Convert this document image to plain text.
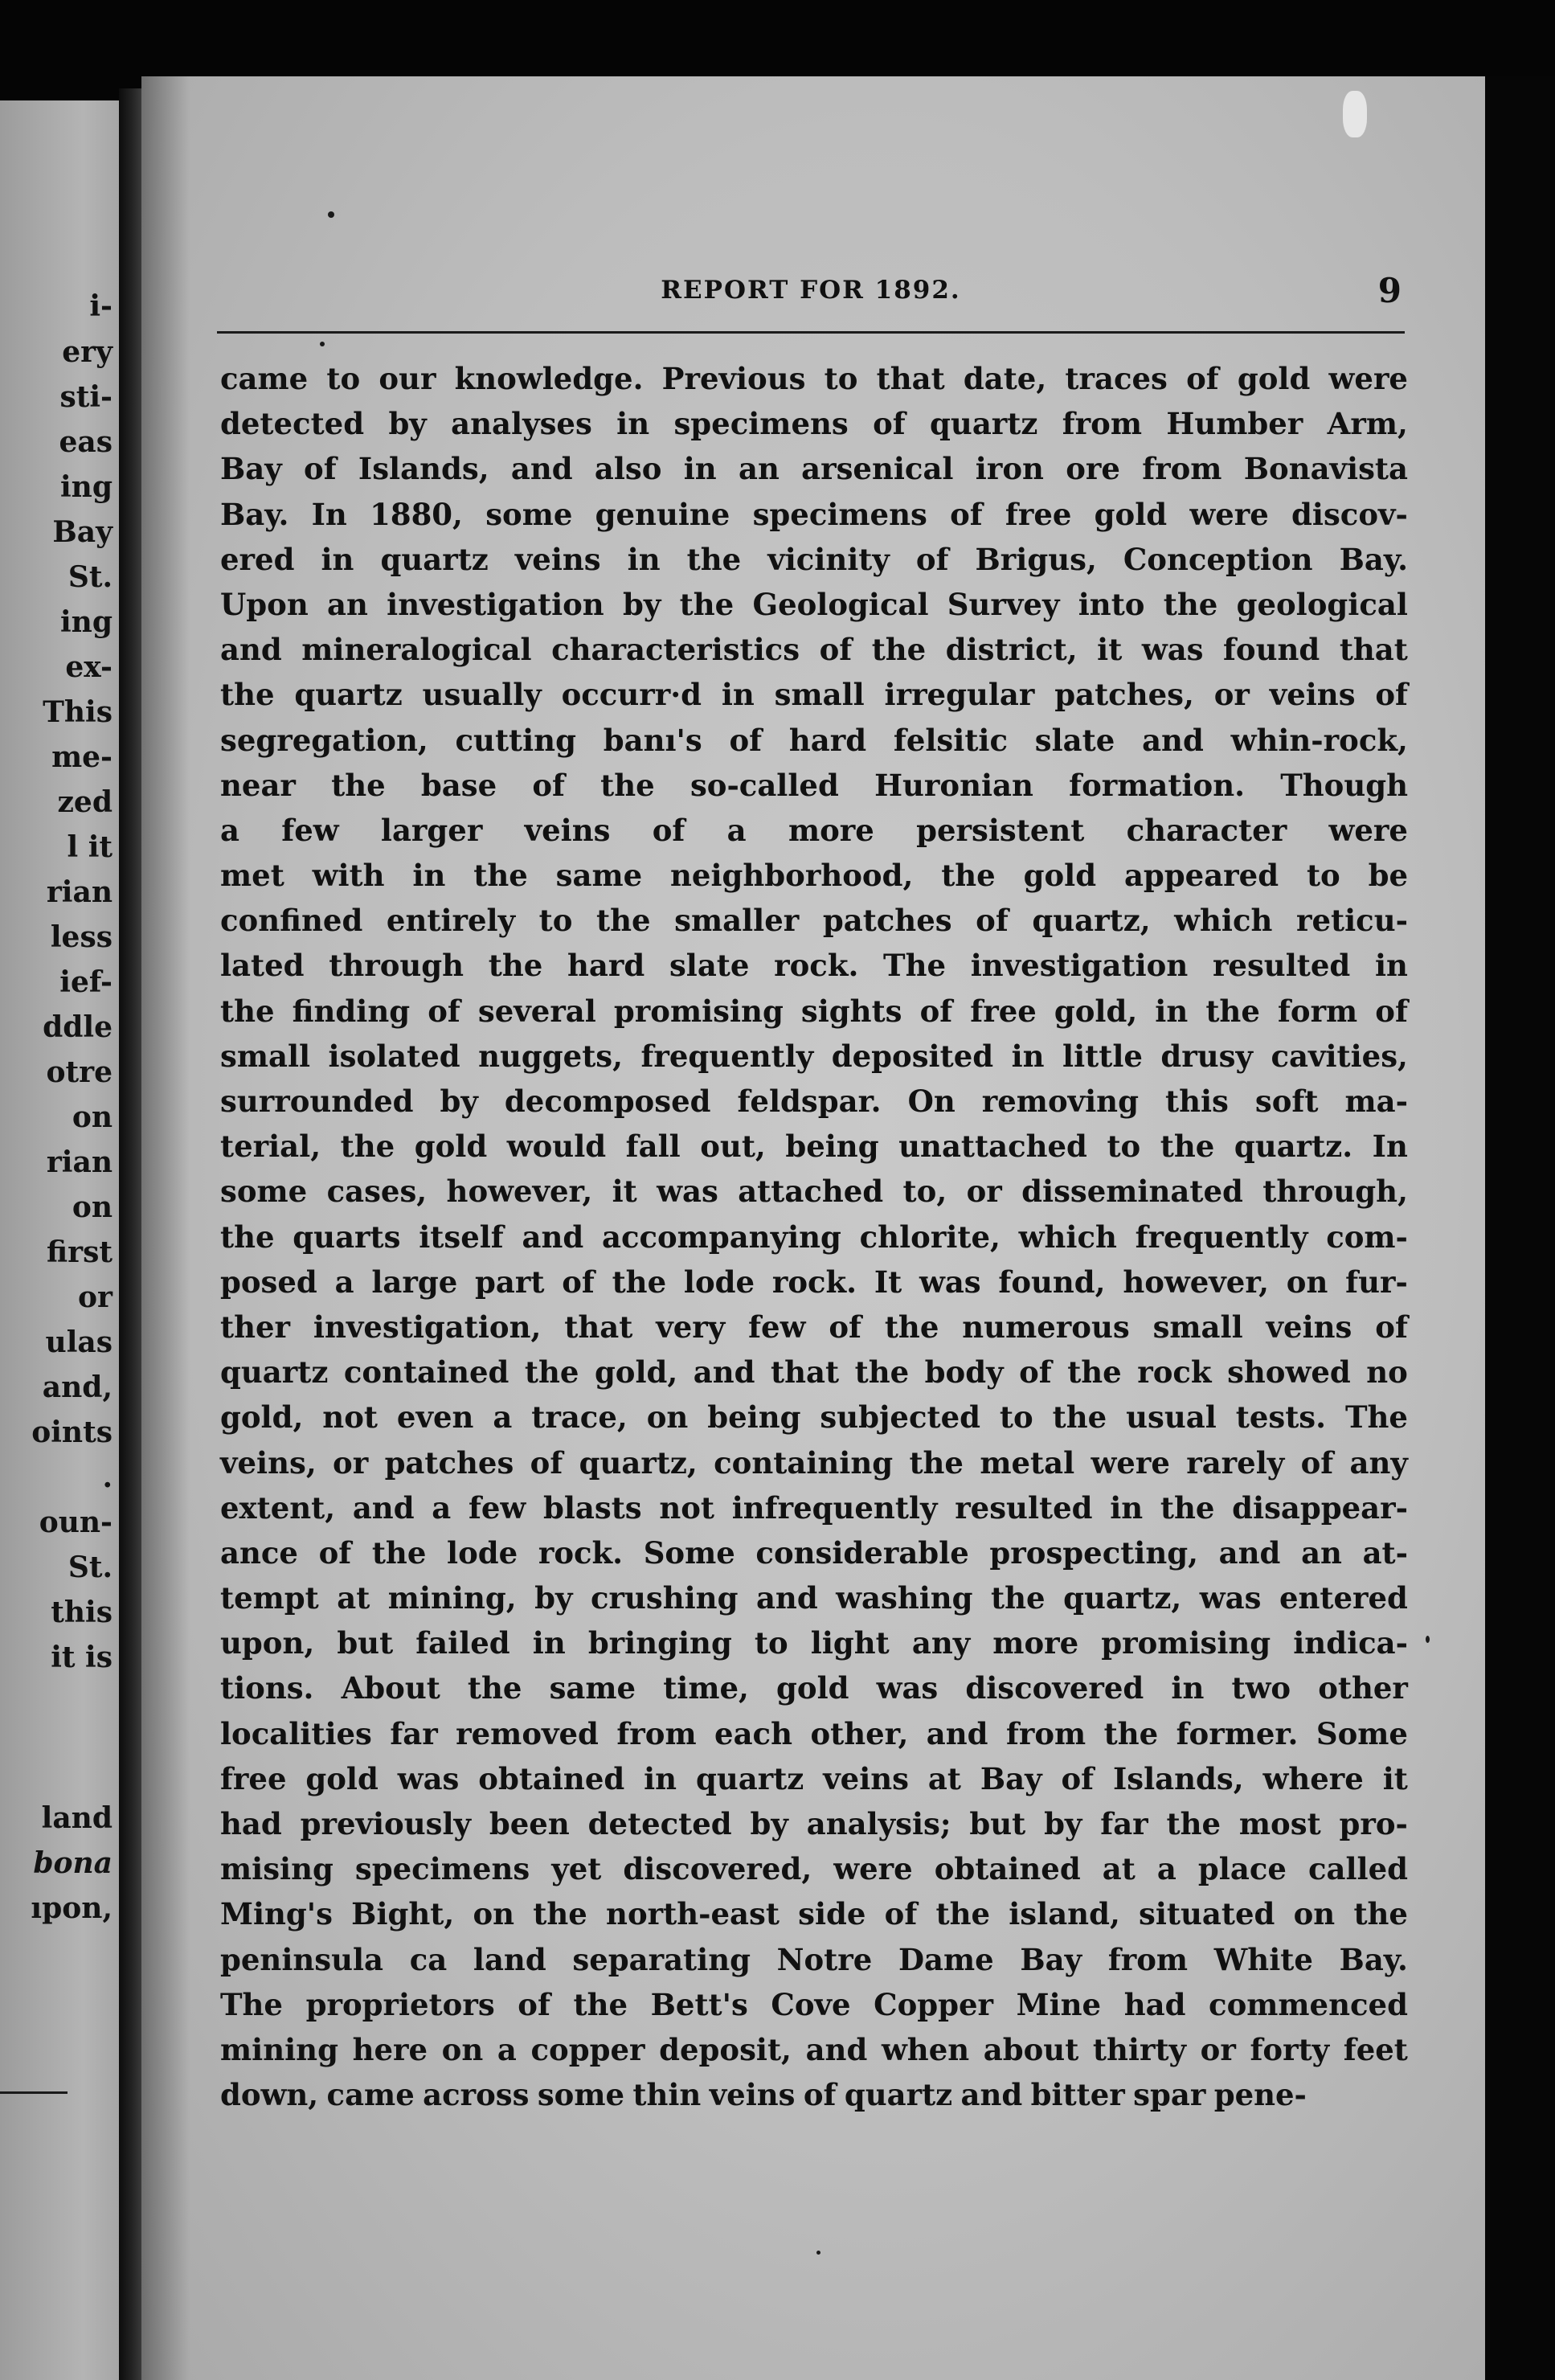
i-
ery
sti-
eas
ing
Bay
St.
ing
ex-
This
me-
zed
l it
rian
less
ief-
ddle
otre
on
rian
on
first
or
ulas
and,
oints
.
oun-
St.
this
it is
land
bona
ıpon,
REPORT FOR 1892.	9
came to our knowledge. Previous to that date, traces of gold were
detected by analyses in specimens of quartz from Humber Arm,
Bay of Islands, and also in an arsenical iron ore from Bonavista
Bay. In 1880, some genuine specimens of free gold were discov-
ered in quartz veins in the vicinity of Brigus, Conception Bay.
Upon an investigation by the Geological Survey into the geological
and mineralogical characteristics of the district, it was found that
the quartz usually occurr·d in small irregular patches, or veins of
segregation, cutting banı's of hard felsitic slate and whin-rock,
near the base of the so-called Huronian formation. Though
a few larger veins of a more persistent character were
met with in the same neighborhood, the gold appeared to be
confined entirely to the smaller patches of quartz, which reticu-
lated through the hard slate rock. The investigation resulted in
the finding of several promising sights of free gold, in the form of
small isolated nuggets, frequently deposited in little drusy cavities,
surrounded by decomposed feldspar. On removing this soft ma-
terial, the gold would fall out, being unattached to the quartz. In
some cases, however, it was attached to, or disseminated through,
the quarts itself and accompanying chlorite, which frequently com-
posed a large part of the lode rock. It was found, however, on fur-
ther investigation, that very few of the numerous small veins of
quartz contained the gold, and that the body of the rock showed no
gold, not even a trace, on being subjected to the usual tests. The
veins, or patches of quartz, containing the metal were rarely of any
extent, and a few blasts not infrequently resulted in the disappear-
ance of the lode rock. Some considerable prospecting, and an at-
tempt at mining, by crushing and washing the quartz, was entered
upon, but failed in bringing to light any more promising indica-
tions. About the same time, gold was discovered in two other
localities far removed from each other, and from the former. Some
free gold was obtained in quartz veins at Bay of Islands, where it
had previously been detected by analysis; but by far the most pro-
mising specimens yet discovered, were obtained at a place called
Ming's Bight, on the north-east side of the island, situated on the
peninsula ca land separating Notre Dame Bay from White Bay.
The proprietors of the Bett's Cove Copper Mine had commenced
mining here on a copper deposit, and when about thirty or forty feet
down, came across some thin veins of quartz and bitter spar pene-
